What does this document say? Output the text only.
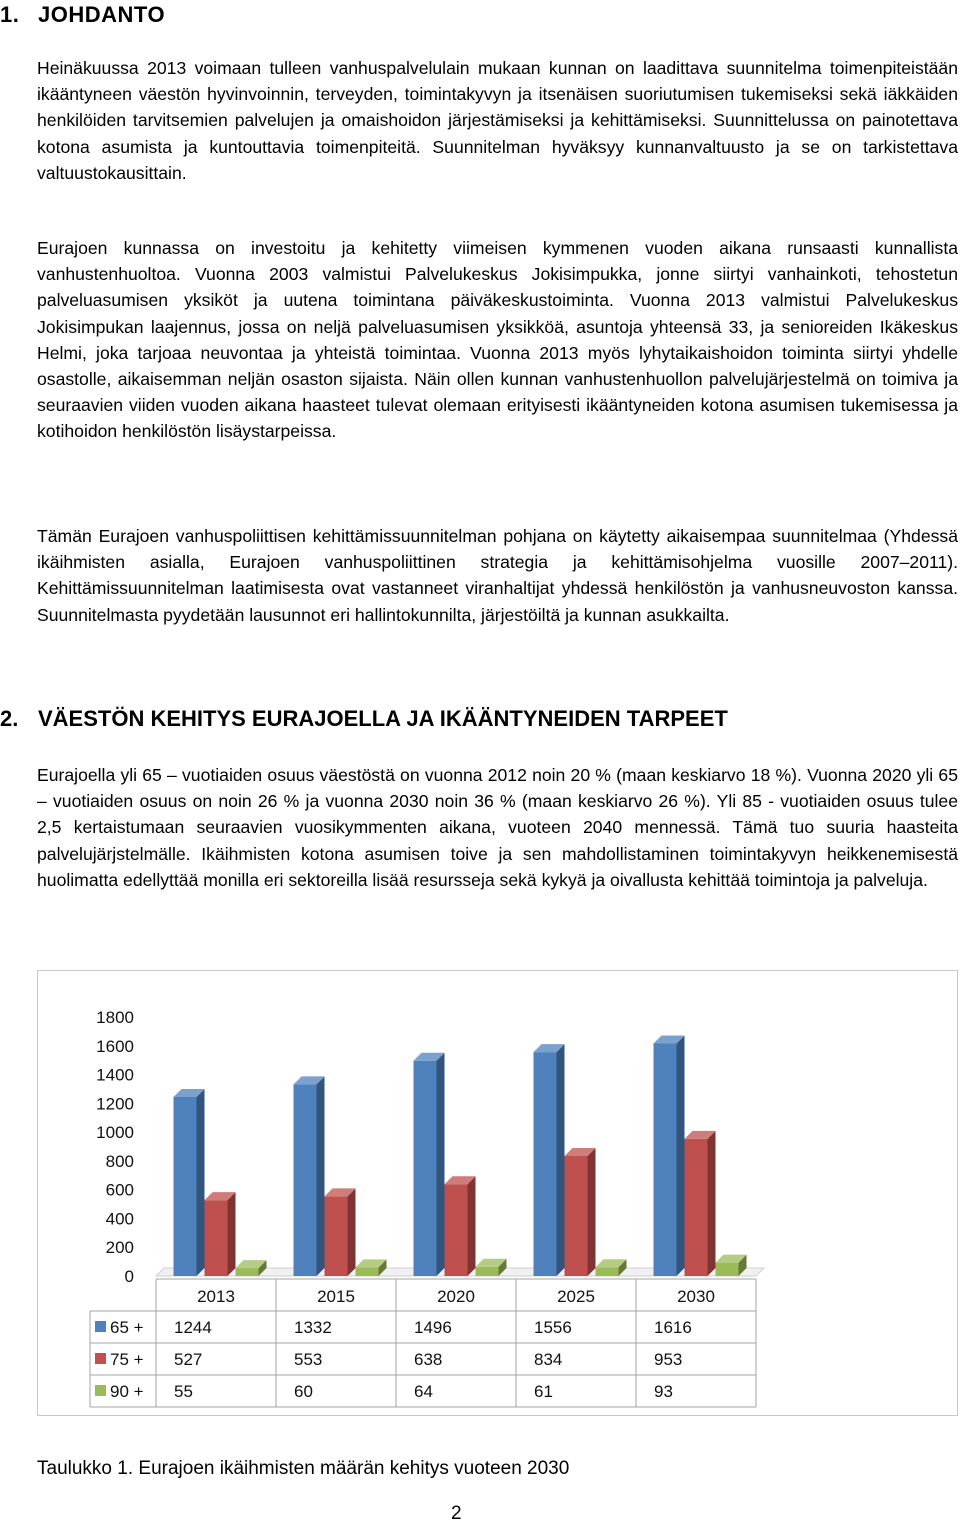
1. JOHDANTO

Heinäkuussa 2013 voimaan tulleen vanhuspalvelulain mukaan kunnan on laadittava suunnitelma toimenpiteistään ikääntyneen väestön hyvinvoinnin, terveyden, toimintakyvyn ja itsenäisen suoriutumisen tukemiseksi sekä iäkkäiden henkilöiden tarvitsemien palvelujen ja omaishoidon järjestämiseksi ja kehittämiseksi. Suunnittelussa on painotettava kotona asumista ja kuntouttavia toimenpiteitä. Suunnitelman hyväksyy kunnanvaltuusto ja se on tarkistettava valtuustokausittain.

Eurajoen kunnassa on investoitu ja kehitetty viimeisen kymmenen vuoden aikana runsaasti kunnallista vanhustenhuoltoa. Vuonna 2003 valmistui Palvelukeskus Jokisimpukka, jonne siirtyi vanhainkoti, tehostetun palveluasumisen yksiköt ja uutena toimintana päiväkeskustoiminta. Vuonna 2013 valmistui Palvelukeskus Jokisimpukan laajennus, jossa on neljä palveluasumisen yksikköä, asuntoja yhteensä 33, ja senioreiden Ikäkeskus Helmi, joka tarjoaa neuvontaa ja yhteistä toimintaa. Vuonna 2013 myös lyhytaikaishoidon toiminta siirtyi yhdelle osastolle, aikaisemman neljän osaston sijaista. Näin ollen kunnan vanhustenhuollon palvelujärjestelmä on toimiva ja seuraavien viiden vuoden aikana haasteet tulevat olemaan erityisesti ikääntyneiden kotona asumisen tukemisessa ja kotihoidon henkilöstön lisäystarpeissa.

Tämän Eurajoen vanhuspoliittisen kehittämissuunnitelman pohjana on käytetty aikaisempaa suunnitelmaa (Yhdessä ikäihmisten asialla, Eurajoen vanhuspoliittinen strategia ja kehittämisohjelma vuosille 2007–2011). Kehittämissuunnitelman laatimisesta ovat vastanneet viranhaltijat yhdessä henkilöstön ja vanhusneuvoston kanssa. Suunnitelmasta pyydetään lausunnot eri hallintokunnilta, järjestöiltä ja kunnan asukkailta.

2. VÄESTÖN KEHITYS EURAJOELLA JA IKÄÄNTYNEIDEN TARPEET

Eurajoella yli 65 – vuotiaiden osuus väestöstä on vuonna 2012 noin 20 % (maan keskiarvo 18 %). Vuonna 2020 yli 65 – vuotiaiden osuus on noin 26 % ja vuonna 2030 noin 36 % (maan keskiarvo 26 %). Yli 85 - vuotiaiden osuus tulee 2,5 kertaistumaan seuraavien vuosikymmenten aikana, vuoteen 2040 mennessä. Tämä tuo suuria haasteita palvelujärjstelmälle. Ikäihmisten kotona asumisen toive ja sen mahdollistaminen toimintakyvyn heikkenemisestä huolimatta edellyttää monilla eri sektoreilla lisää resursseja sekä kykyä ja oivallusta kehittää toimintoja ja palveluja.

0
200
400
600
800
1000
1200
1400
1600
1800
2013	2015	2020	2025	2030
65 + 1244	1332	1496	1556	1616
75 + 527	553	638	834	953
90 + 55	60	64	61	93
Taulukko 1. Eurajoen ikäihmisten määrän kehitys vuoteen 2030
2
